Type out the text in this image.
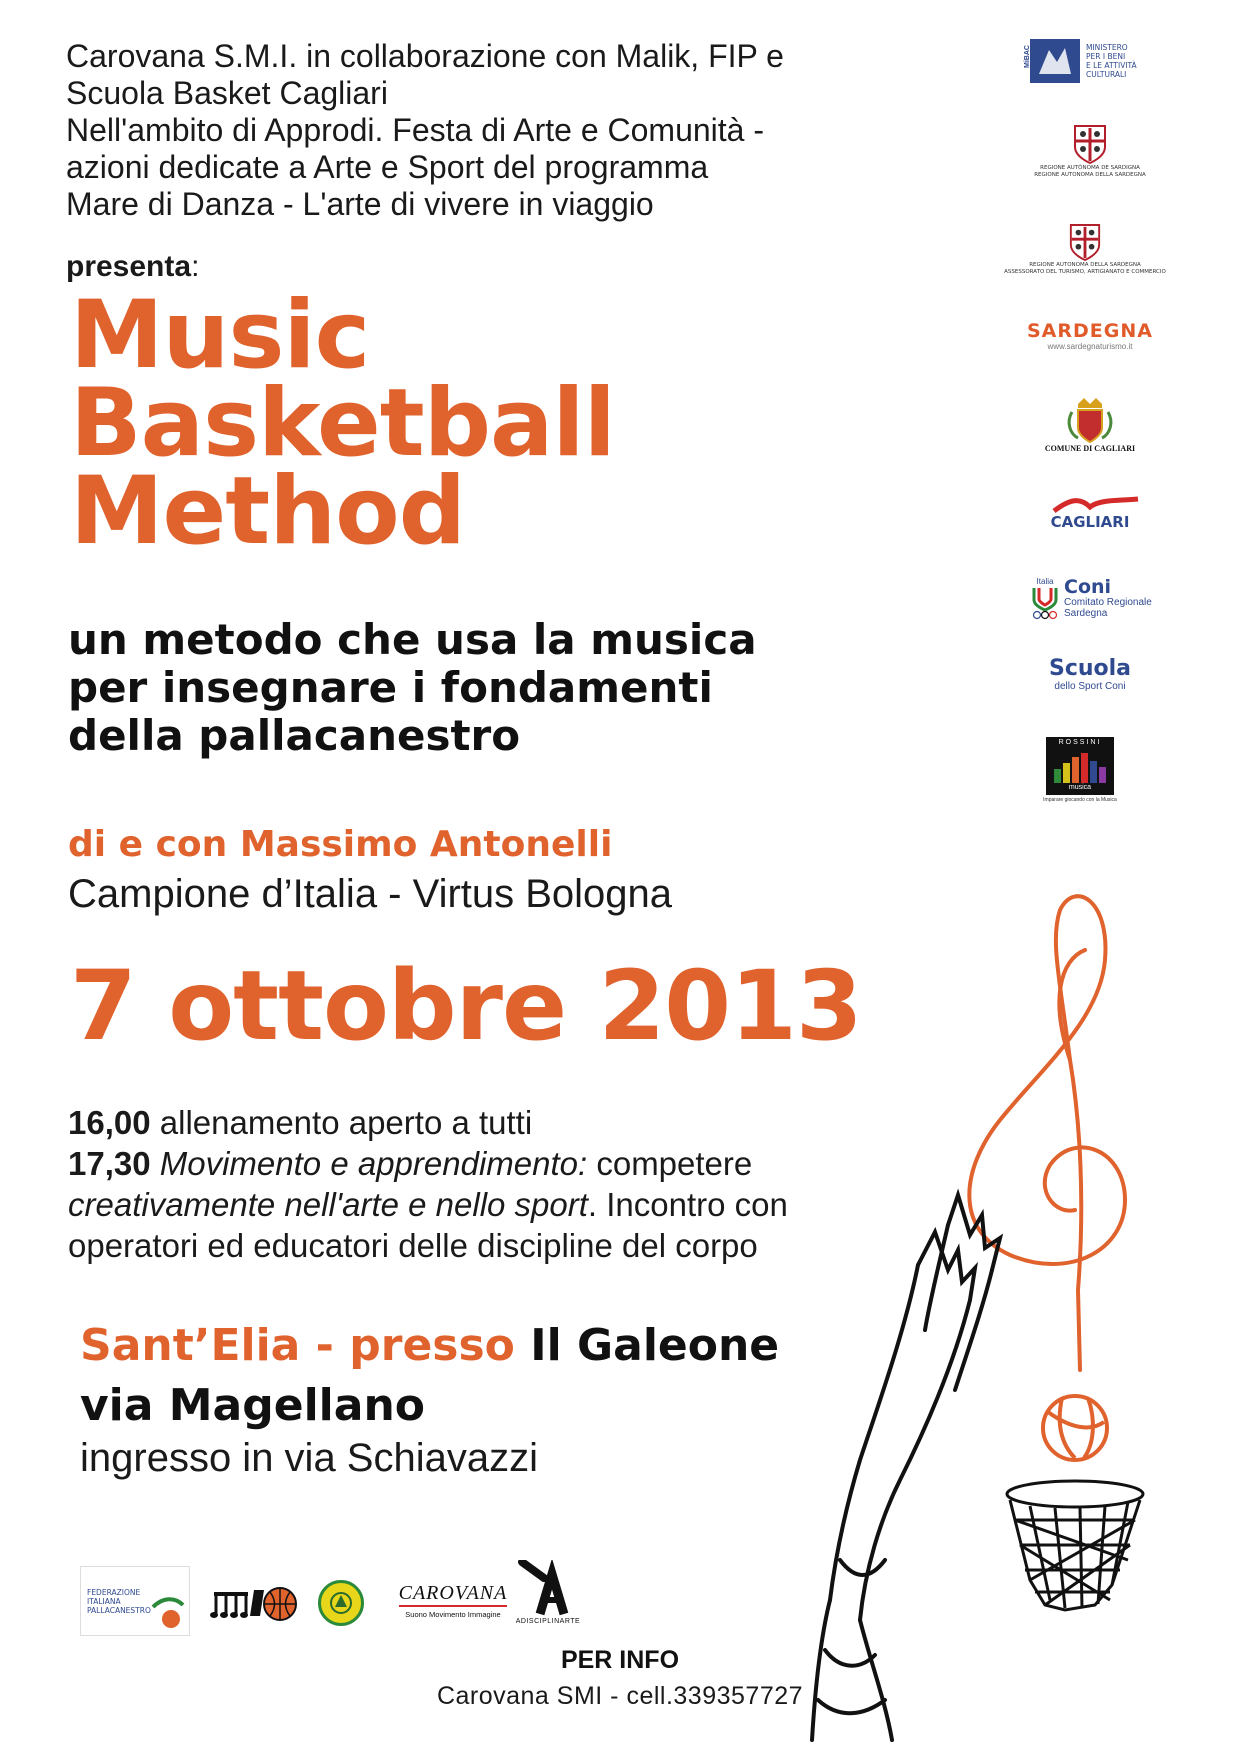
Carovana S.M.I. in collaborazione con Malik, FIP e
Scuola Basket Cagliari
Nell'ambito di Approdi. Festa di Arte e Comunità -
azioni dedicate a Arte e Sport del programma
Mare di Danza - L'arte di vivere in viaggio
presenta:
Music
Basketball
Method
un metodo che usa la musica
per insegnare i fondamenti
della pallacanestro
di e con Massimo Antonelli
Campione d’Italia - Virtus Bologna
7 ottobre 2013
16,00 allenamento aperto a tutti
17,30 Movimento e apprendimento: competere
creativamente nell'arte e nello sport. Incontro con
operatori ed educatori delle discipline del corpo
Sant’Elia - presso Il Galeone
via Magellano
ingresso in via Schiavazzi
PER INFO
Carovana SMI - cell.339357727
MiBAC	MINISTERO
PER I BENI
E LE ATTIVITÀ
CULTURALI
REGIONE AUTÒNOMA DE SARDIGNA
REGIONE AUTONOMA DELLA SARDEGNA
REGIONE AUTONOMA DELLA SARDEGNA
ASSESSORATO DEL TURISMO, ARTIGIANATO E COMMERCIO
SARDEGNA
www.sardegnaturismo.it
COMUNE DI CAGLIARI
CAGLIARI
Italia Coni
Comitato Regionale
Sardegna
Scuola
dello Sport Coni
ROSSINI
musica
Imparare giocando con la Musica
FEDERAZIONE
ITALIANA
PALLACANESTRO
CAROVANA
Suono Movimento Immagine
ADISCIPLINARTE
